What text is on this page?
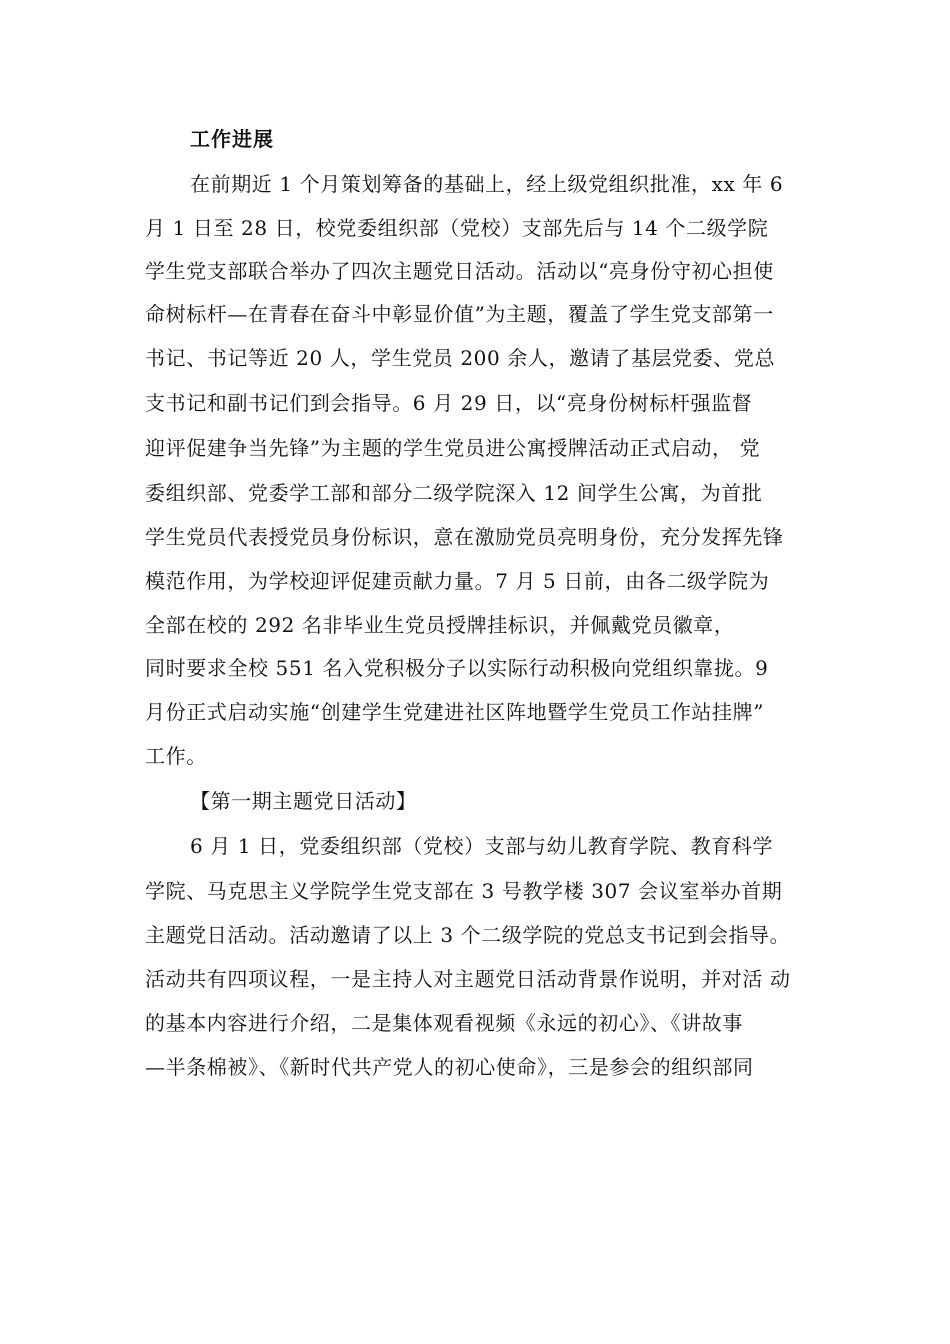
工作进展
在前期近 1 个月策划筹备的基础上，经上级党组织批准，xx 年 6
月 1 日至 28 日，校党委组织部（党校）支部先后与 14 个二级学院
学生党支部联合举办了四次主题党日活动。活动以“亮身份守初心担使
命树标杆—在青春在奋斗中彰显价值”为主题，覆盖了学生党支部第一
书记、书记等近 20 人，学生党员 200 余人，邀请了基层党委、党总
支书记和副书记们到会指导。6 月 29 日，以“亮身份树标杆强监督
迎评促建争当先锋”为主题的学生党员进公寓授牌活动正式启动， 党
委组织部、党委学工部和部分二级学院深入 12 间学生公寓，为首批
学生党员代表授党员身份标识，意在激励党员亮明身份，充分发挥先锋
模范作用，为学校迎评促建贡献力量。7 月 5 日前，由各二级学院为
全部在校的 292 名非毕业生党员授牌挂标识，并佩戴党员徽章，
同时要求全校 551 名入党积极分子以实际行动积极向党组织靠拢。9
月份正式启动实施“创建学生党建进社区阵地暨学生党员工作站挂牌”
工作。
【第一期主题党日活动】
6 月 1 日，党委组织部（党校）支部与幼儿教育学院、教育科学
学院、马克思主义学院学生党支部在 3 号教学楼 307 会议室举办首期
主题党日活动。活动邀请了以上 3 个二级学院的党总支书记到会指导。
活动共有四项议程，一是主持人对主题党日活动背景作说明，并对活 动
的基本内容进行介绍，二是集体观看视频《永远的初心》、《讲故事
—半条棉被》、《新时代共产党人的初心使命》，三是参会的组织部同
